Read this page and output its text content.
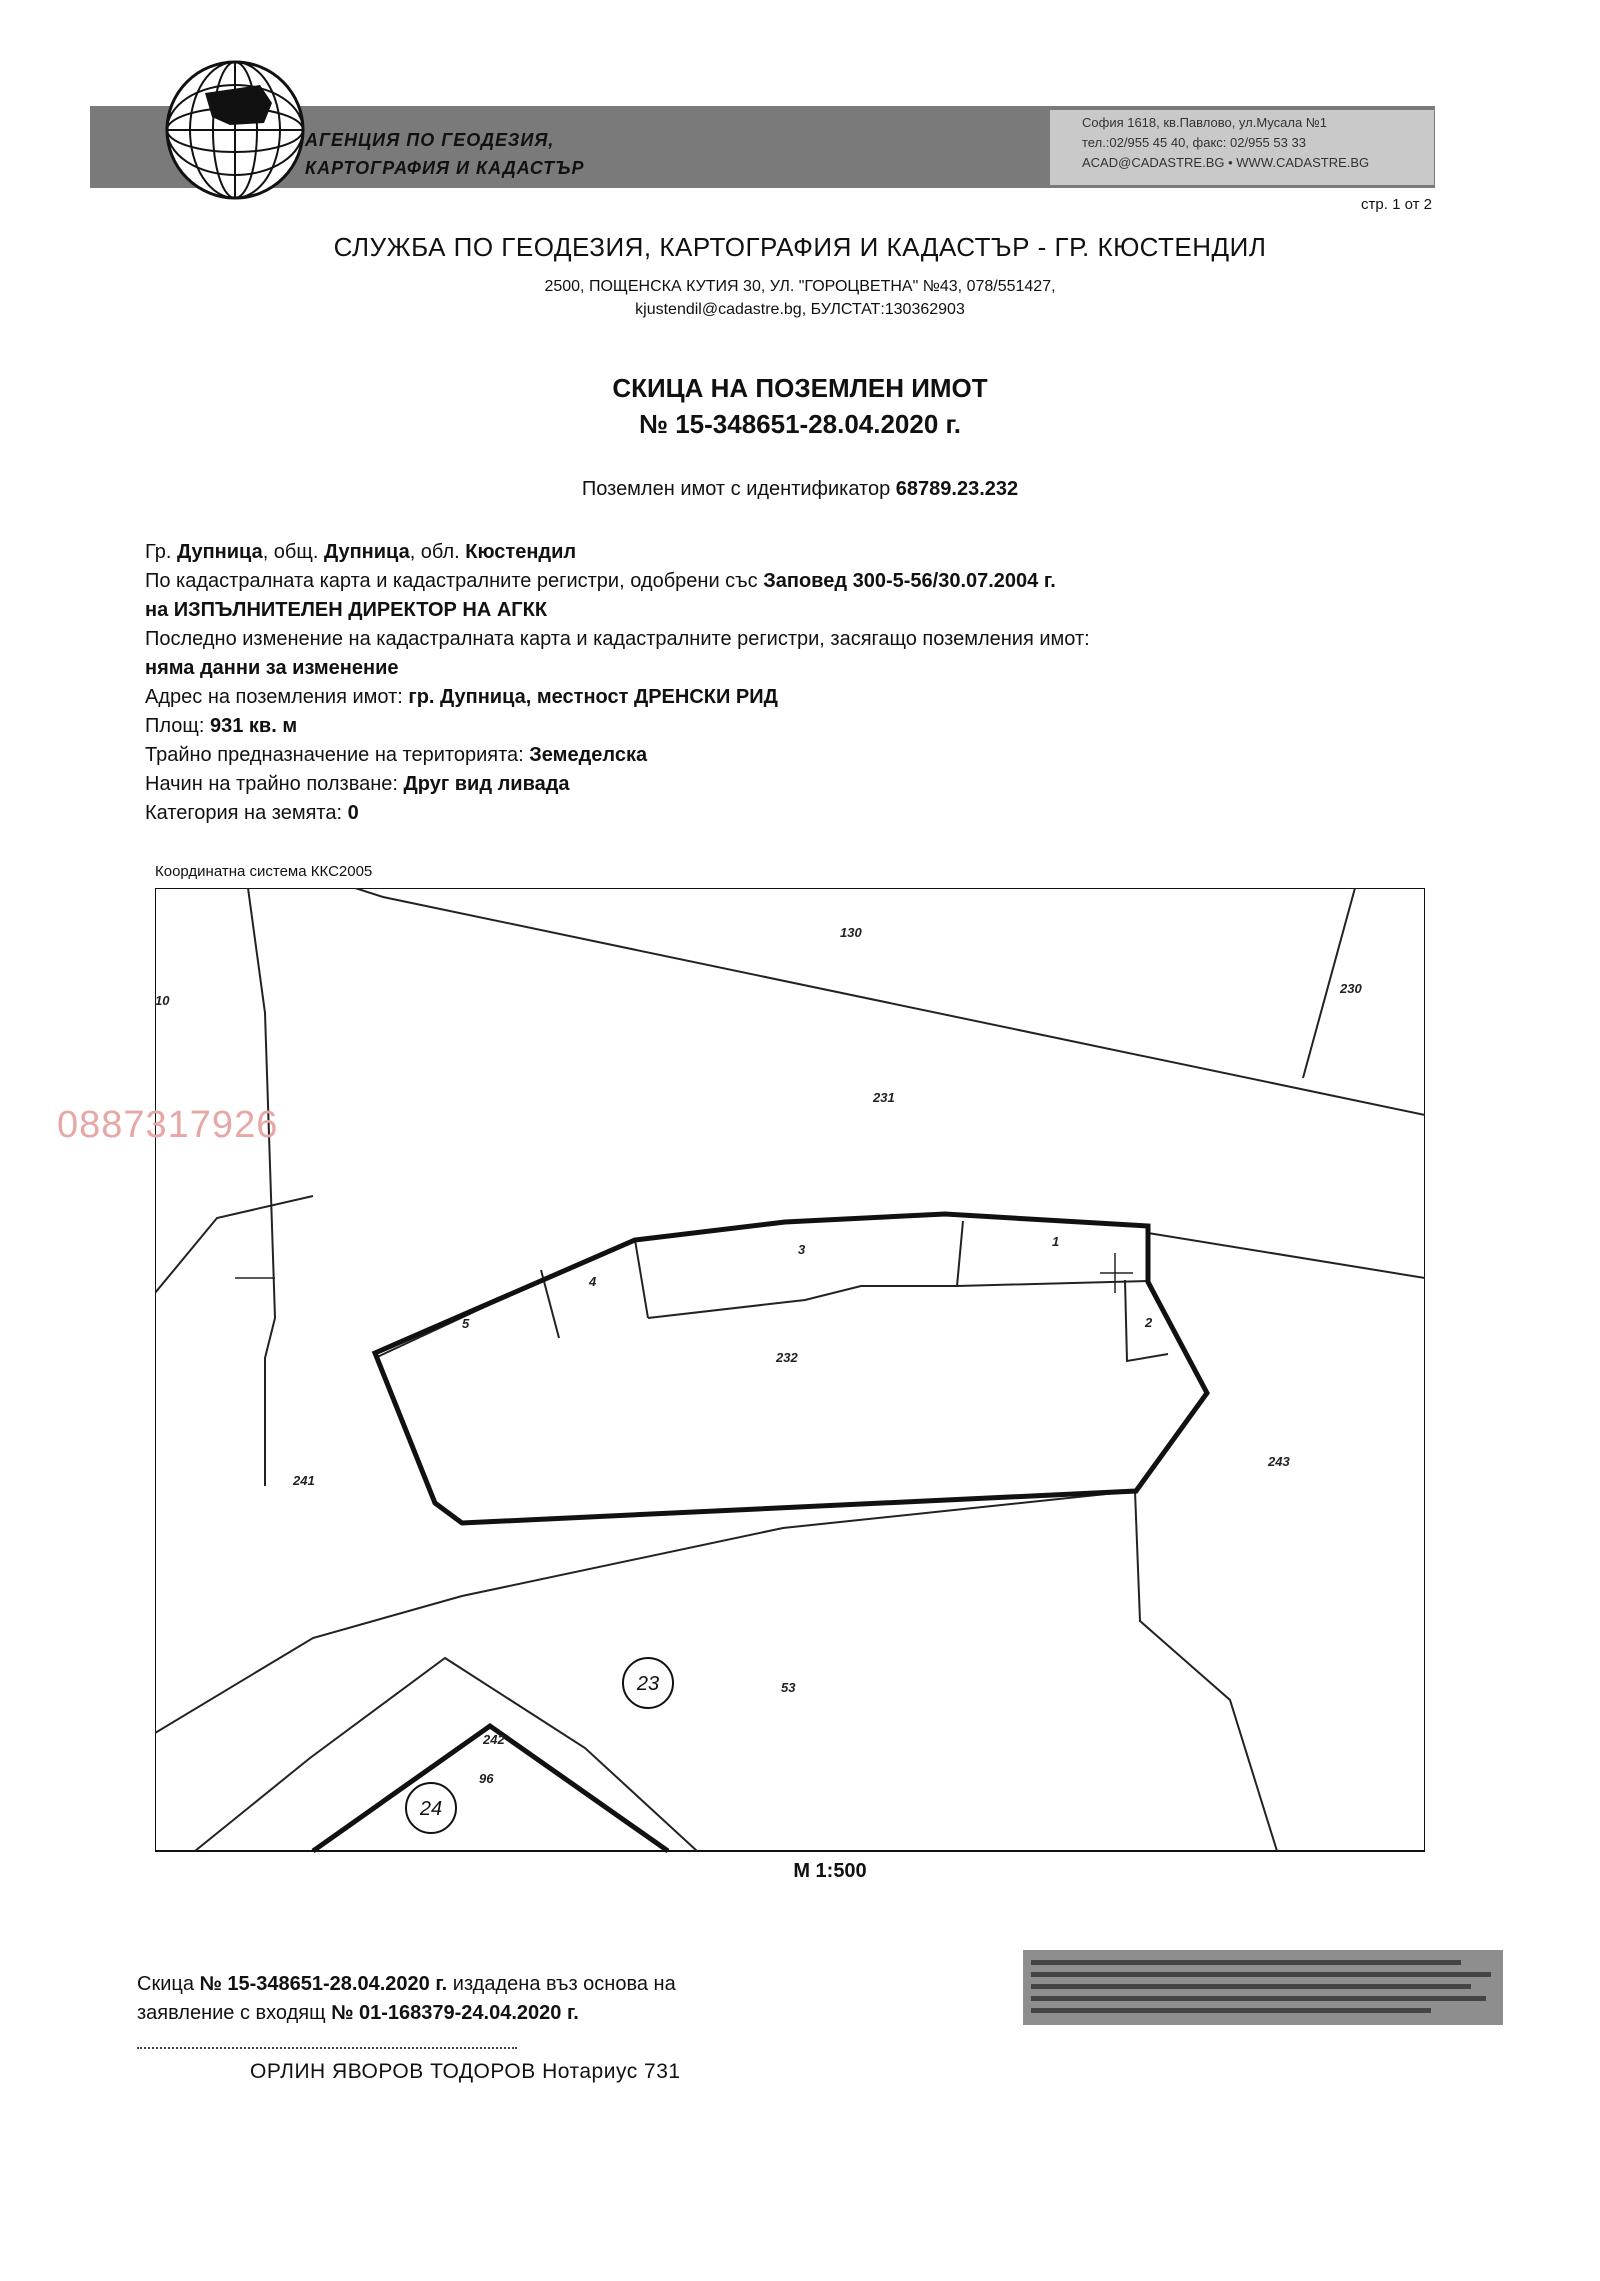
АГЕНЦИЯ ПО ГЕОДЕЗИЯ,
КАРТОГРАФИЯ И КАДАСТЪР
София 1618, кв.Павлово, ул.Мусала №1
тел.:02/955 45 40, факс: 02/955 53 33
ACAD@CADASTRE.BG • WWW.CADASTRE.BG
стр. 1 от 2
СЛУЖБА ПО ГЕОДЕЗИЯ, КАРТОГРАФИЯ И КАДАСТЪР - ГР. КЮСТЕНДИЛ
2500, ПОЩЕНСКА КУТИЯ 30, УЛ. "ГОРОЦВЕТНА" №43, 078/551427,
kjustendil@cadastre.bg, БУЛСТАТ:130362903
СКИЦА НА ПОЗЕМЛЕН ИМОТ
№ 15-348651-28.04.2020 г.
Поземлен имот с идентификатор 68789.23.232
Гр. Дупница, общ. Дупница, обл. Кюстендил
По кадастралната карта и кадастралните регистри, одобрени със Заповед 300-5-56/30.07.2004 г.
на ИЗПЪЛНИТЕЛЕН ДИРЕКТОР НА АГКК
Последно изменение на кадастралната карта и кадастралните регистри, засягащо поземления имот:
няма данни за изменение
Адрес на поземления имот: гр. Дупница, местност ДРЕНСКИ РИД
Площ: 931 кв. м
Трайно предназначение на територията: Земеделска
Начин на трайно ползване: Друг вид ливада
Категория на земята: 0
Координатна система ККС2005
130
230
10
231
3
1
4
5	2
232
241
243
53
242
96
23
24
0887317926
М 1:500
Скица № 15-348651-28.04.2020 г. издадена въз основа на
заявление с входящ № 01-168379-24.04.2020 г.
ОРЛИН ЯВОРОВ ТОДОРОВ Нотариус 731
